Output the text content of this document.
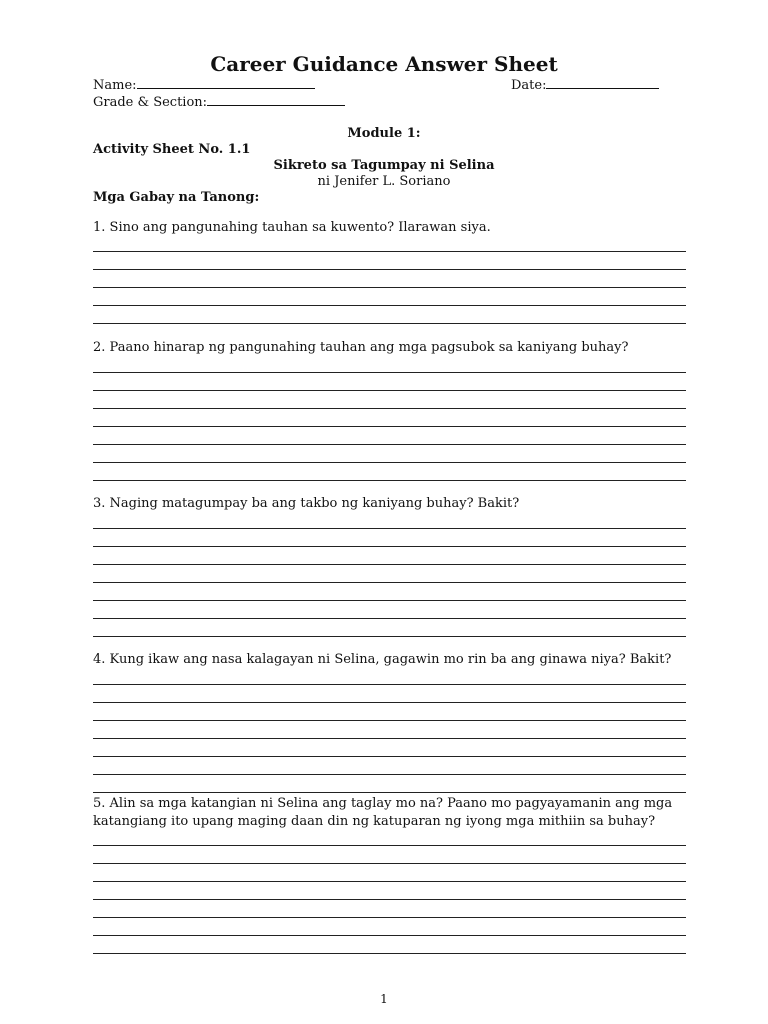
Career Guidance Answer Sheet
Name:	Date:
Grade & Section:
Module 1:
Activity Sheet No. 1.1
Sikreto sa Tagumpay ni Selina
ni Jenifer L. Soriano
Mga Gabay na Tanong:
1. Sino ang pangunahing tauhan sa kuwento? Ilarawan siya.
2. Paano hinarap ng pangunahing tauhan ang mga pagsubok sa kaniyang buhay?
3. Naging matagumpay ba ang takbo ng kaniyang buhay? Bakit?
4. Kung ikaw ang nasa kalagayan ni Selina, gagawin mo rin ba ang ginawa niya? Bakit?
5. Alin sa mga katangian ni Selina ang taglay mo na? Paano mo pagyayamanin ang mga
katangiang ito upang maging daan din ng katuparan ng iyong mga mithiin sa buhay?
1
